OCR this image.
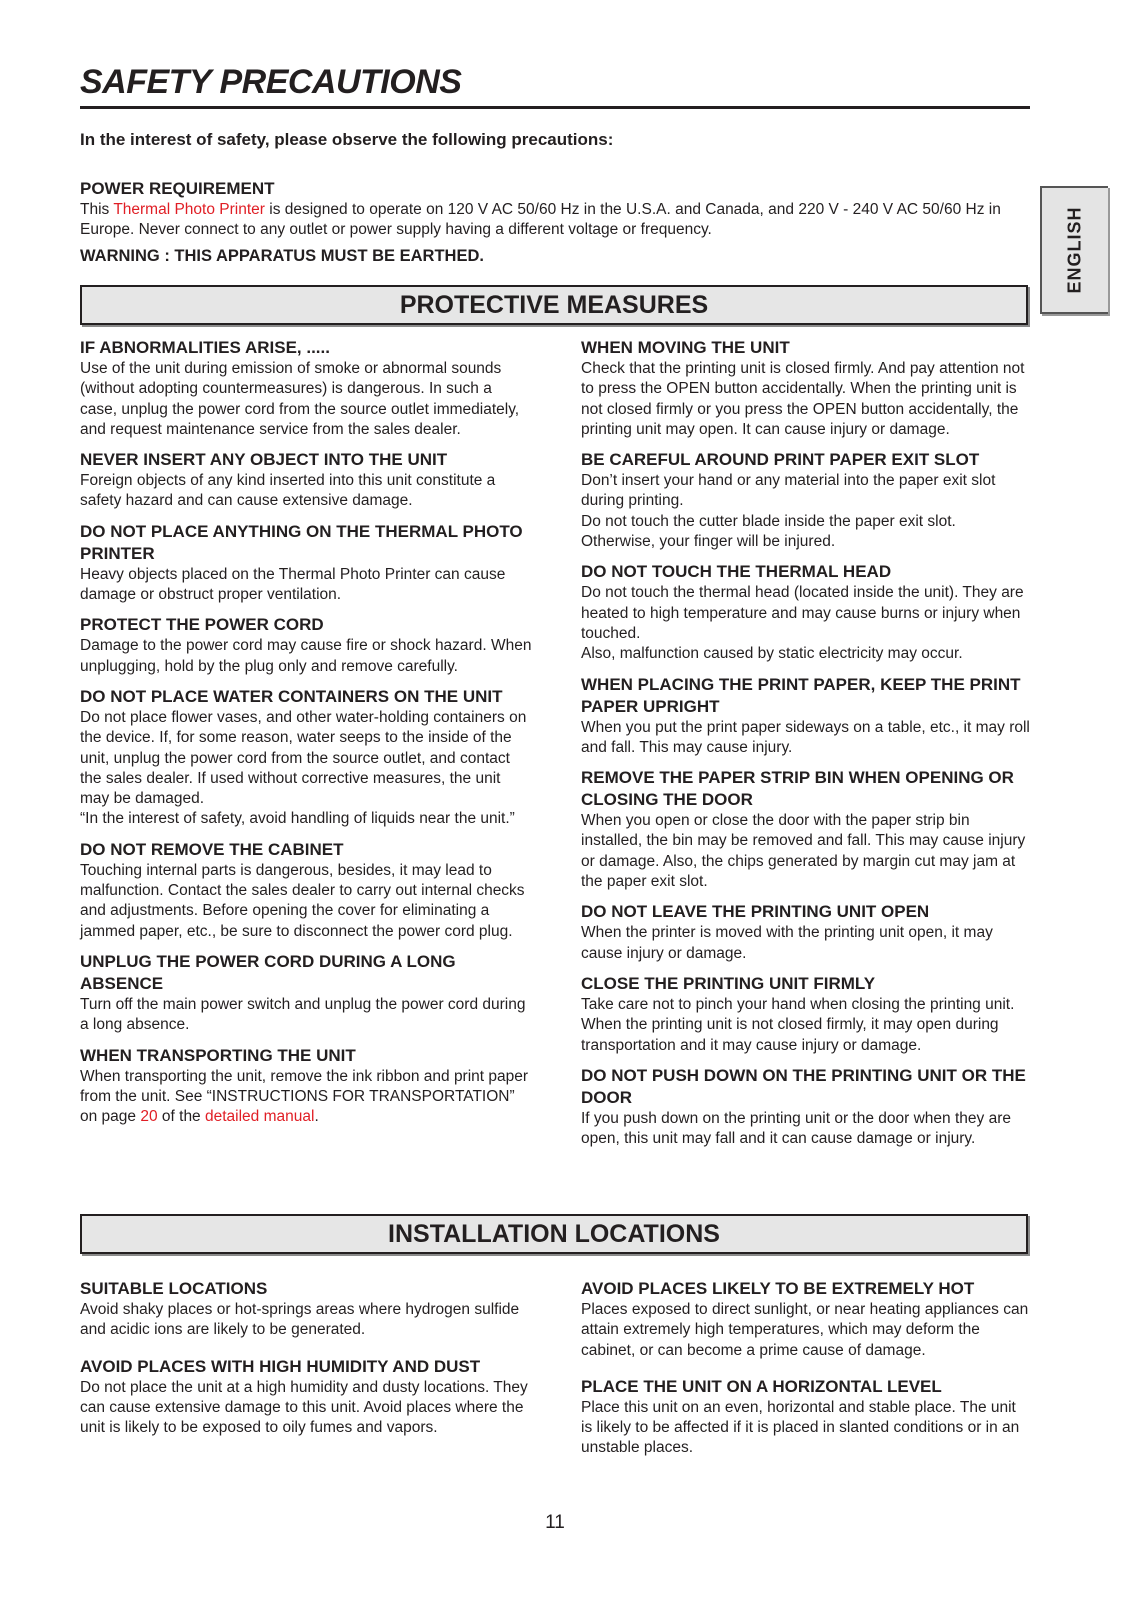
SAFETY PRECAUTIONS
In the interest of safety, please observe the following precautions:
POWER REQUIREMENT

This Thermal Photo Printer is designed to operate on 120 V AC 50/60 Hz in the U.S.A. and Canada, and 220 V - 240 V AC 50/60 Hz in Europe. Never connect to any outlet or power supply having a different voltage or frequency.

WARNING : THIS APPARATUS MUST BE EARTHED.	ENGLISH
PROTECTIVE MEASURES
IF ABNORMALITIES ARISE, .....

Use of the unit during emission of smoke or abnormal sounds (without adopting countermeasures) is dangerous. In such a case, unplug the power cord from the source outlet immediately, and request maintenance service from the sales dealer.

NEVER INSERT ANY OBJECT INTO THE UNIT

Foreign objects of any kind inserted into this unit constitute a safety hazard and can cause extensive damage.

DO NOT PLACE ANYTHING ON THE THERMAL PHOTO PRINTER

Heavy objects placed on the Thermal Photo Printer can cause damage or obstruct proper ventilation.

PROTECT THE POWER CORD

Damage to the power cord may cause fire or shock hazard. When unplugging, hold by the plug only and remove carefully.

DO NOT PLACE WATER CONTAINERS ON THE UNIT

Do not place flower vases, and other water-holding containers on the device. If, for some reason, water seeps to the inside of the unit, unplug the power cord from the source outlet, and contact the sales dealer. If used without corrective measures, the unit may be damaged.

“In the interest of safety, avoid handling of liquids near the unit.”

DO NOT REMOVE THE CABINET

Touching internal parts is dangerous, besides, it may lead to malfunction. Contact the sales dealer to carry out internal checks and adjustments. Before opening the cover for eliminating a jammed paper, etc., be sure to disconnect the power cord plug.

UNPLUG THE POWER CORD DURING A LONG ABSENCE

Turn off the main power switch and unplug the power cord during a long absence.

WHEN TRANSPORTING THE UNIT

When transporting the unit, remove the ink ribbon and print paper from the unit. See “INSTRUCTIONS FOR TRANSPORTATION” on page 20 of the detailed manual.

WHEN MOVING THE UNIT

Check that the printing unit is closed firmly. And pay attention not to press the OPEN button accidentally. When the printing unit is not closed firmly or you press the OPEN button accidentally, the printing unit may open. It can cause injury or damage.

BE CAREFUL AROUND PRINT PAPER EXIT SLOT

Don’t insert your hand or any material into the paper exit slot during printing.

Do not touch the cutter blade inside the paper exit slot. Otherwise, your finger will be injured.

DO NOT TOUCH THE THERMAL HEAD

Do not touch the thermal head (located inside the unit). They are heated to high temperature and may cause burns or injury when touched.

Also, malfunction caused by static electricity may occur.

WHEN PLACING THE PRINT PAPER, KEEP THE PRINT PAPER UPRIGHT

When you put the print paper sideways on a table, etc., it may roll and fall. This may cause injury.

REMOVE THE PAPER STRIP BIN WHEN OPENING OR CLOSING THE DOOR

When you open or close the door with the paper strip bin installed, the bin may be removed and fall. This may cause injury or damage. Also, the chips generated by margin cut may jam at the paper exit slot.

DO NOT LEAVE THE PRINTING UNIT OPEN

When the printer is moved with the printing unit open, it may cause injury or damage.

CLOSE THE PRINTING UNIT FIRMLY

Take care not to pinch your hand when closing the printing unit. When the printing unit is not closed firmly, it may open during transportation and it may cause injury or damage.

DO NOT PUSH DOWN ON THE PRINTING UNIT OR THE DOOR

If you push down on the printing unit or the door when they are open, this unit may fall and it can cause damage or injury.

INSTALLATION LOCATIONS
SUITABLE LOCATIONS

Avoid shaky places or hot-springs areas where hydrogen sulfide and acidic ions are likely to be generated.

AVOID PLACES WITH HIGH HUMIDITY AND DUST

Do not place the unit at a high humidity and dusty locations. They can cause extensive damage to this unit. Avoid places where the unit is likely to be exposed to oily fumes and vapors.

AVOID PLACES LIKELY TO BE EXTREMELY HOT

Places exposed to direct sunlight, or near heating appliances can attain extremely high temperatures, which may deform the cabinet, or can become a prime cause of damage.

PLACE THE UNIT ON A HORIZONTAL LEVEL

Place this unit on an even, horizontal and stable place. The unit is likely to be affected if it is placed in slanted conditions or in an unstable places.

11
